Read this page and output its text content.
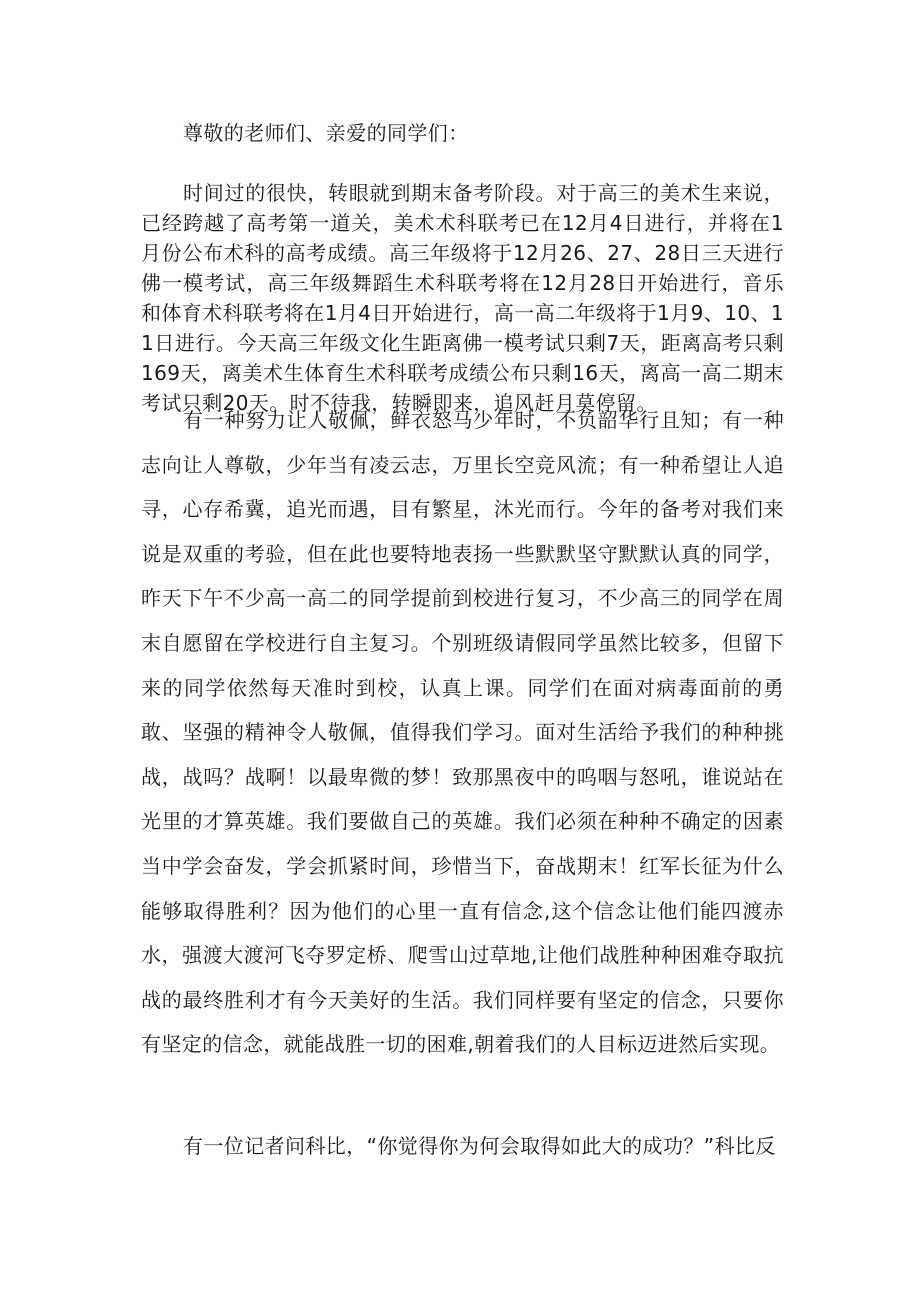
尊敬的老师们、亲爱的同学们：

时间过的很快，转眼就到期末备考阶段。对于高三的美术生来说，已经跨越了高考第一道关，美术术科联考已在12月4日进行，并将在1月份公布术科的高考成绩。高三年级将于12月26、27、28日三天进行佛一模考试，高三年级舞蹈生术科联考将在12月28日开始进行，音乐和体育术科联考将在1月4日开始进行，高一高二年级将于1月9、10、11日进行。今天高三年级文化生距离佛一模考试只剩7天，距离高考只剩169天，离美术生体育生术科联考成绩公布只剩16天，离高一高二期末考试只剩20天。时不待我，转瞬即来，追风赶月莫停留。

有一种努力让人敬佩，鲜衣怒马少年时，不负韶华行且知；有一种志向让人尊敬，少年当有凌云志，万里长空竞风流；有一种希望让人追寻，心存希冀，追光而遇，目有繁星，沐光而行。今年的备考对我们来说是双重的考验，但在此也要特地表扬一些默默坚守默默认真的同学，昨天下午不少高一高二的同学提前到校进行复习，不少高三的同学在周末自愿留在学校进行自主复习。个别班级请假同学虽然比较多，但留下来的同学依然每天准时到校，认真上课。同学们在面对病毒面前的勇敢、坚强的精神令人敬佩，值得我们学习。面对生活给予我们的种种挑战，战吗？战啊！以最卑微的梦！致那黑夜中的呜咽与怒吼，谁说站在光里的才算英雄。我们要做自己的英雄。我们必须在种种不确定的因素当中学会奋发，学会抓紧时间，珍惜当下，奋战期末！红军长征为什么能够取得胜利？因为他们的心里一直有信念,这个信念让他们能四渡赤水，强渡大渡河飞夺罗定桥、爬雪山过草地,让他们战胜种种困难夺取抗战的最终胜利才有今天美好的生活。我们同样要有坚定的信念，只要你有坚定的信念，就能战胜一切的困难,朝着我们的人目标迈进然后实现。

有一位记者问科比，“你觉得你为何会取得如此大的成功？”科比反
